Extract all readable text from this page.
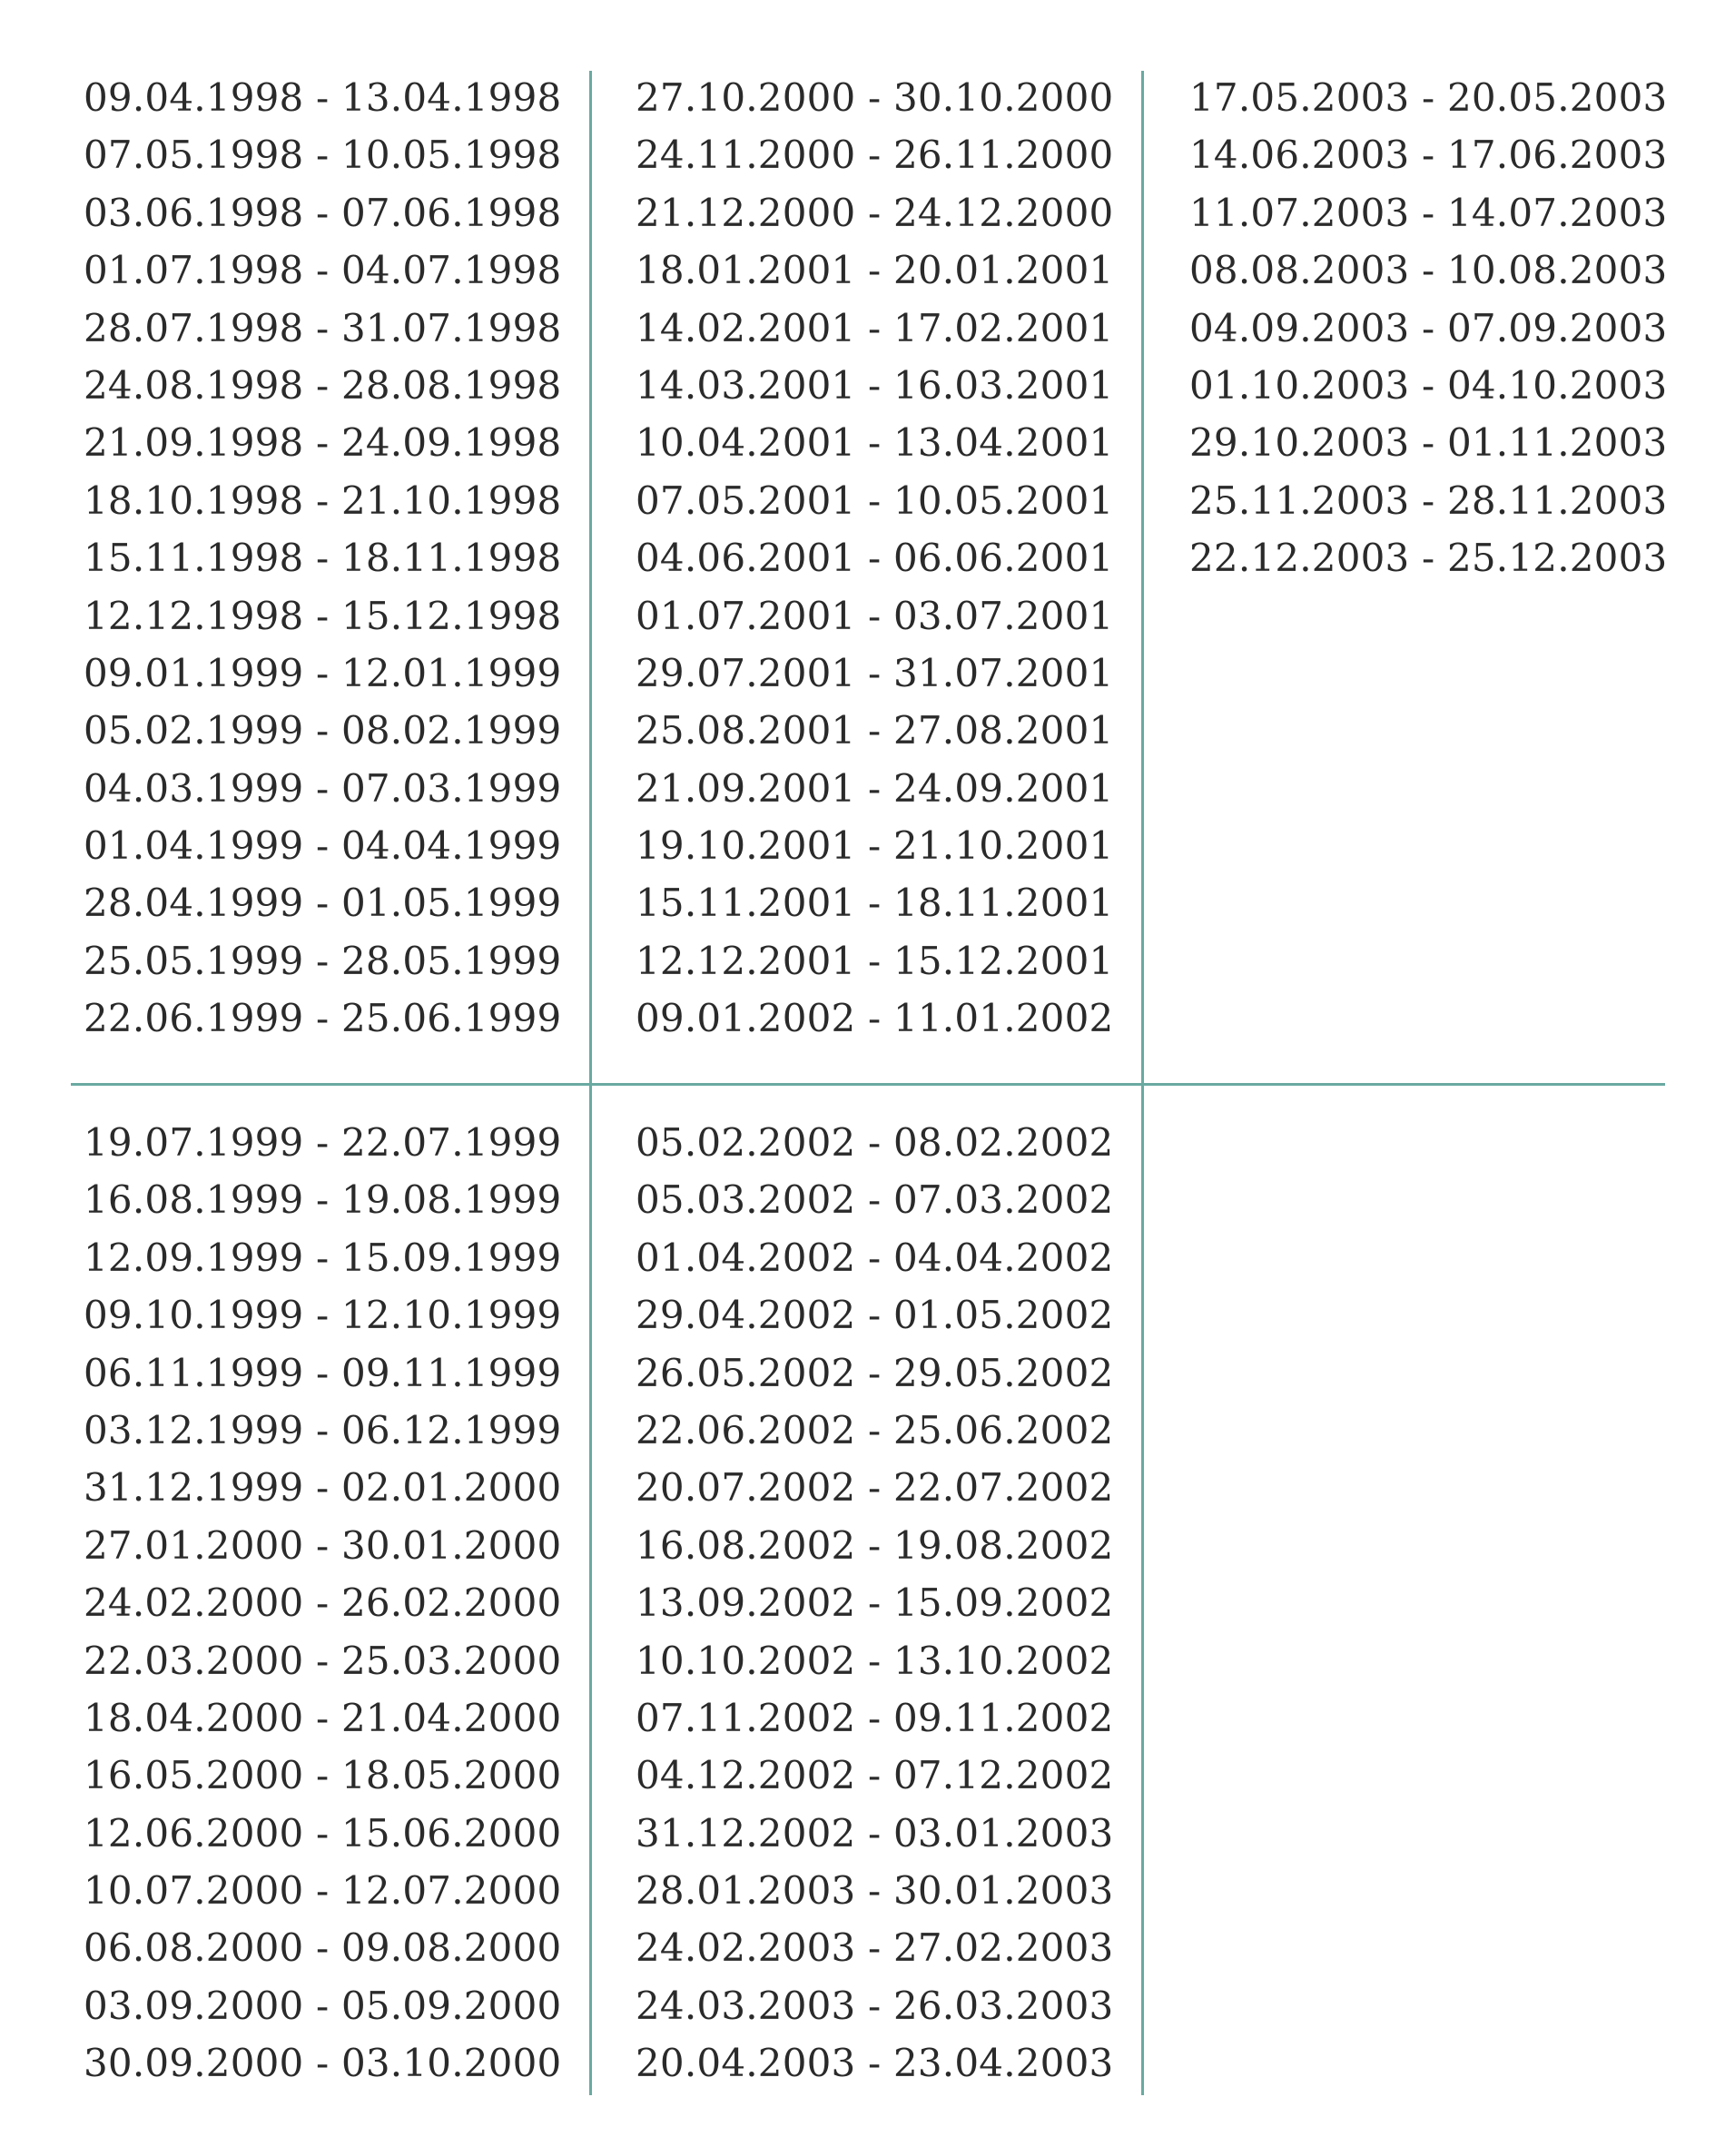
09.04.1998 - 13.04.1998
07.05.1998 - 10.05.1998
03.06.1998 - 07.06.1998
01.07.1998 - 04.07.1998
28.07.1998 - 31.07.1998
24.08.1998 - 28.08.1998
21.09.1998 - 24.09.1998
18.10.1998 - 21.10.1998
15.11.1998 - 18.11.1998
12.12.1998 - 15.12.1998
09.01.1999 - 12.01.1999
05.02.1999 - 08.02.1999
04.03.1999 - 07.03.1999
01.04.1999 - 04.04.1999
28.04.1999 - 01.05.1999
25.05.1999 - 28.05.1999
22.06.1999 - 25.06.1999
27.10.2000 - 30.10.2000
24.11.2000 - 26.11.2000
21.12.2000 - 24.12.2000
18.01.2001 - 20.01.2001
14.02.2001 - 17.02.2001
14.03.2001 - 16.03.2001
10.04.2001 - 13.04.2001
07.05.2001 - 10.05.2001
04.06.2001 - 06.06.2001
01.07.2001 - 03.07.2001
29.07.2001 - 31.07.2001
25.08.2001 - 27.08.2001
21.09.2001 - 24.09.2001
19.10.2001 - 21.10.2001
15.11.2001 - 18.11.2001
12.12.2001 - 15.12.2001
09.01.2002 - 11.01.2002
17.05.2003 - 20.05.2003
14.06.2003 - 17.06.2003
11.07.2003 - 14.07.2003
08.08.2003 - 10.08.2003
04.09.2003 - 07.09.2003
01.10.2003 - 04.10.2003
29.10.2003 - 01.11.2003
25.11.2003 - 28.11.2003
22.12.2003 - 25.12.2003
19.07.1999 - 22.07.1999
16.08.1999 - 19.08.1999
12.09.1999 - 15.09.1999
09.10.1999 - 12.10.1999
06.11.1999 - 09.11.1999
03.12.1999 - 06.12.1999
31.12.1999 - 02.01.2000
27.01.2000 - 30.01.2000
24.02.2000 - 26.02.2000
22.03.2000 - 25.03.2000
18.04.2000 - 21.04.2000
16.05.2000 - 18.05.2000
12.06.2000 - 15.06.2000
10.07.2000 - 12.07.2000
06.08.2000 - 09.08.2000
03.09.2000 - 05.09.2000
30.09.2000 - 03.10.2000
05.02.2002 - 08.02.2002
05.03.2002 - 07.03.2002
01.04.2002 - 04.04.2002
29.04.2002 - 01.05.2002
26.05.2002 - 29.05.2002
22.06.2002 - 25.06.2002
20.07.2002 - 22.07.2002
16.08.2002 - 19.08.2002
13.09.2002 - 15.09.2002
10.10.2002 - 13.10.2002
07.11.2002 - 09.11.2002
04.12.2002 - 07.12.2002
31.12.2002 - 03.01.2003
28.01.2003 - 30.01.2003
24.02.2003 - 27.02.2003
24.03.2003 - 26.03.2003
20.04.2003 - 23.04.2003
